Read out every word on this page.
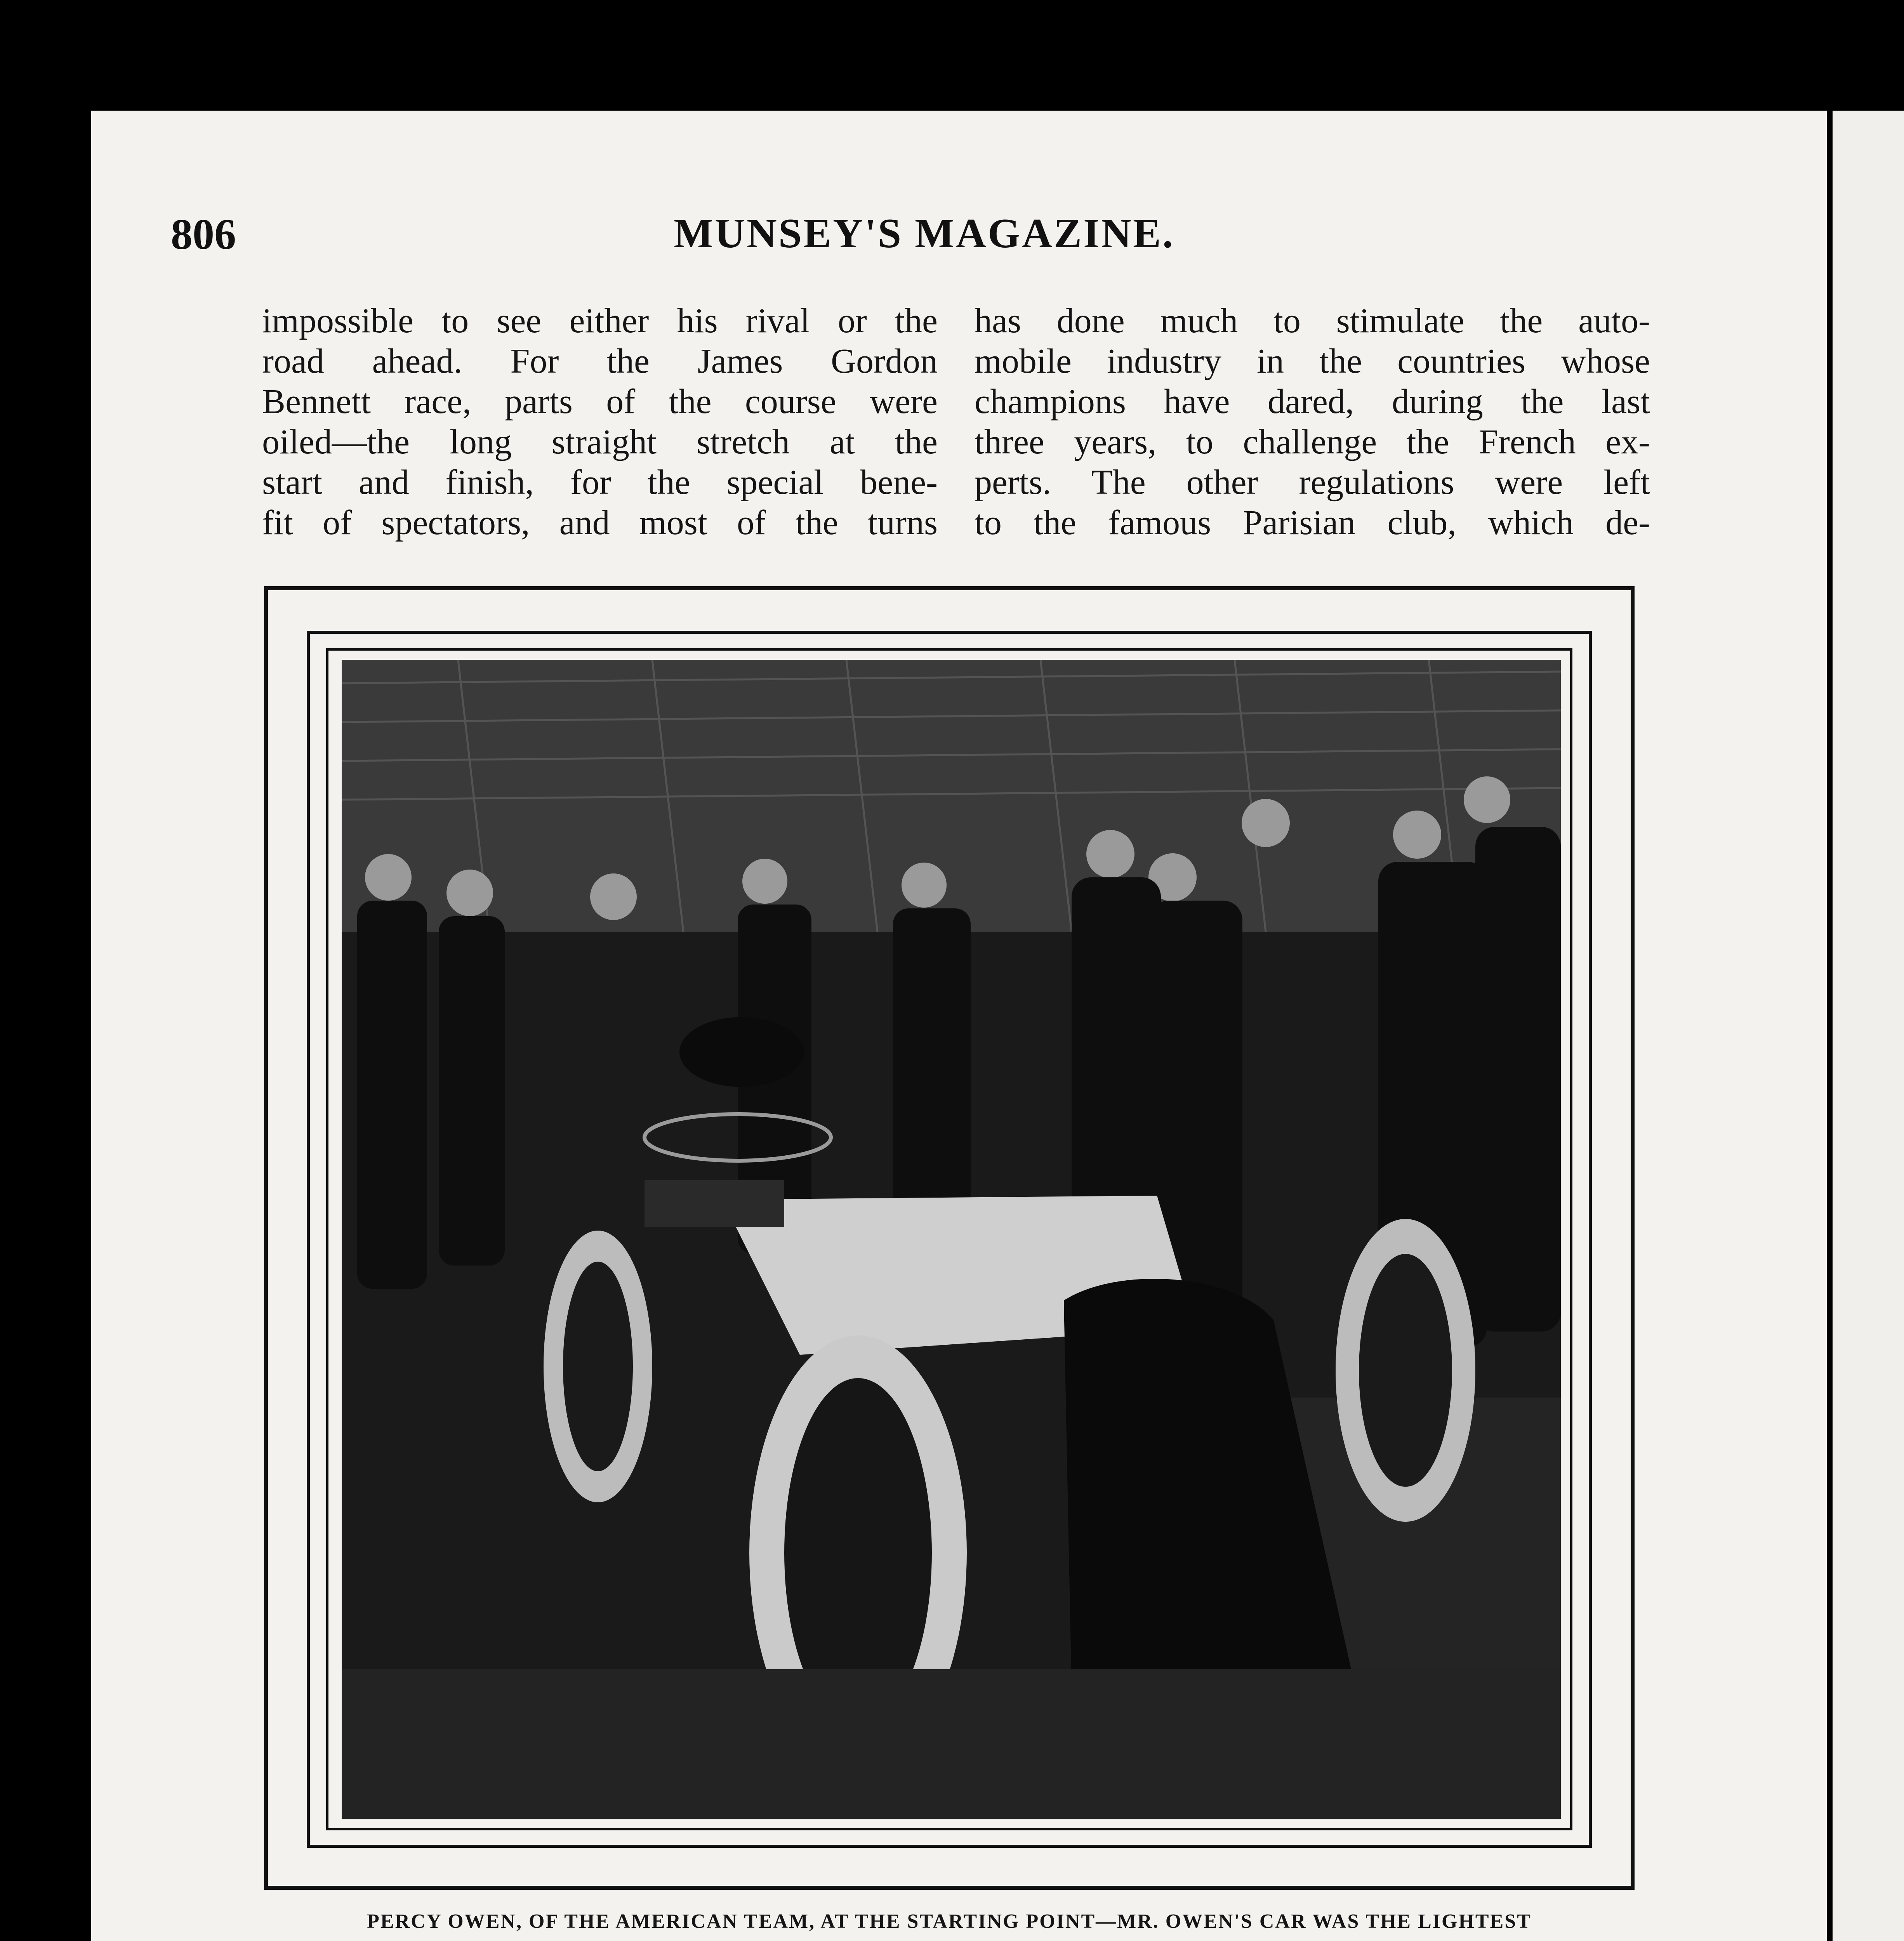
806	MUNSEY'S MAGAZINE.

impossible to see either his rival or the

road ahead. For the James Gordon

Bennett race, parts of the course were

oiled—the long straight stretch at the

start and finish, for the special bene-

fit of spectators, and most of the turns

has done much to stimulate the auto-

mobile industry in the countries whose

champions have dared, during the last

three years, to challenge the French ex-

perts. The other regulations were left

to the famous Parisian club, which de-

PERCY OWEN, OF THE AMERICAN TEAM, AT THE STARTING POINT—MR. OWEN'S CAR WAS THE LIGHTEST
